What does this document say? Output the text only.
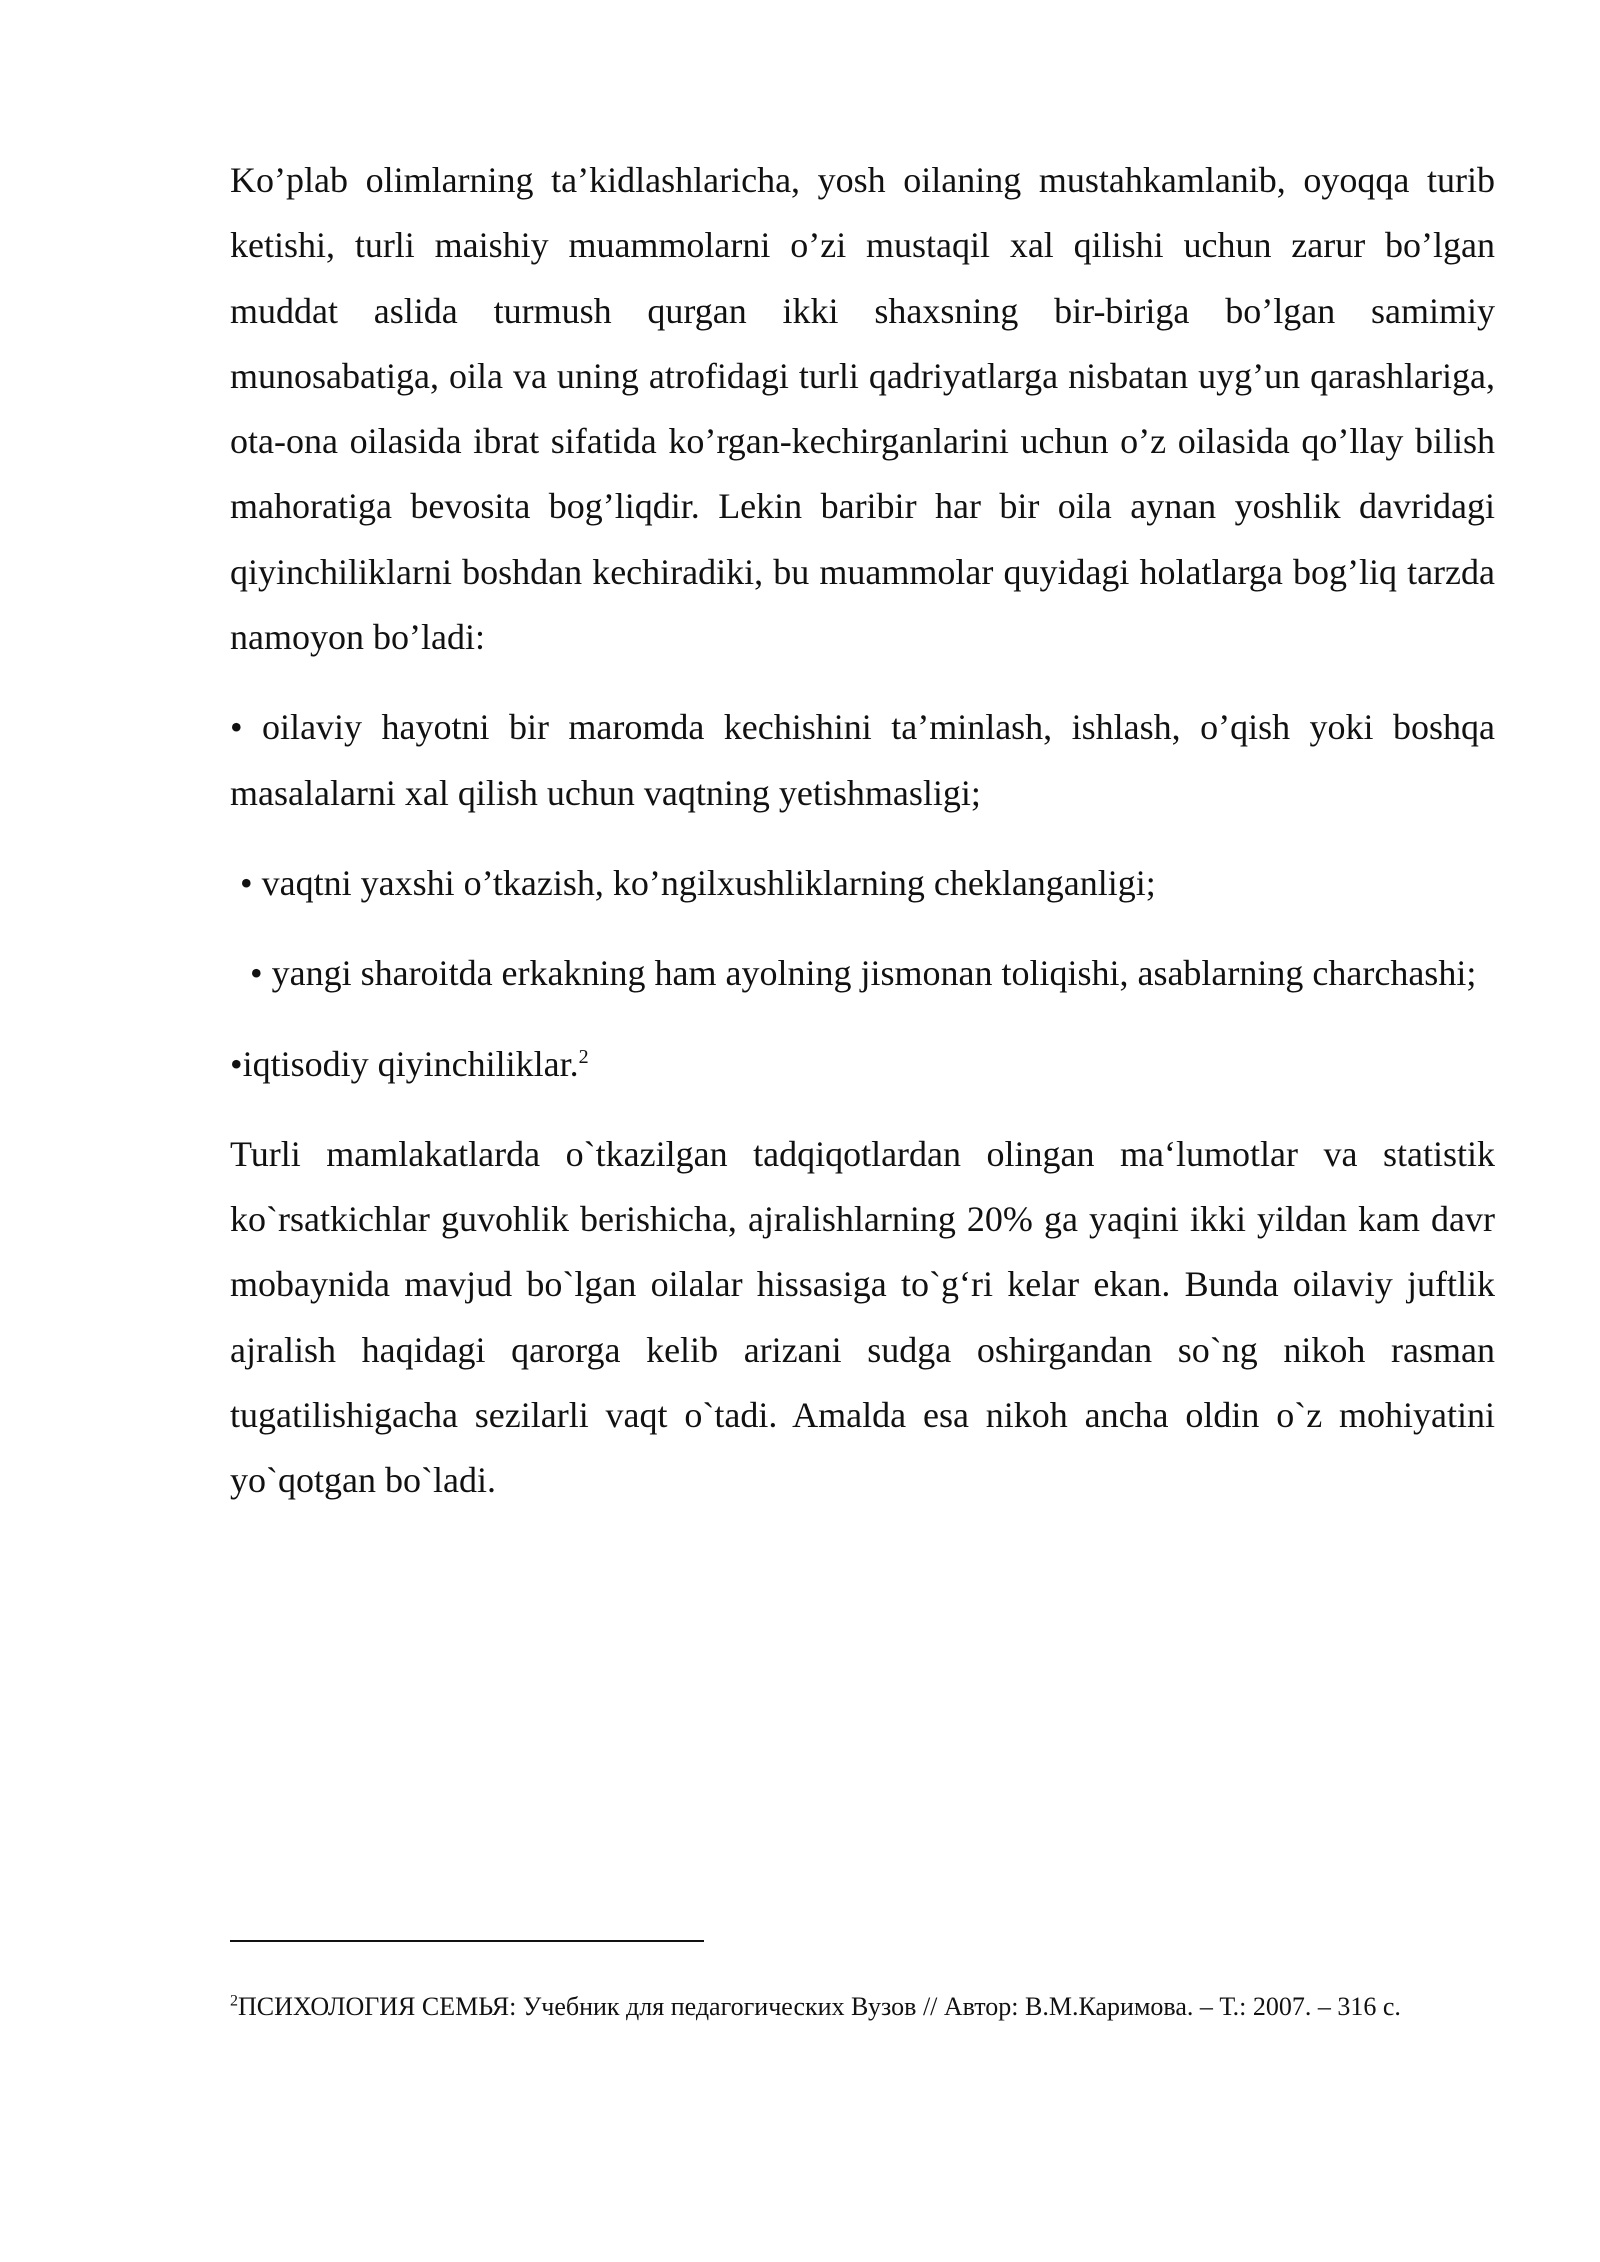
Ko’plab olimlarning ta’kidlashlaricha, yosh oilaning mustahkamlanib, oyoqqa turib ketishi, turli maishiy muammolarni o’zi mustaqil xal qilishi uchun zarur bo’lgan muddat aslida turmush qurgan ikki shaxsning bir-biriga bo’lgan samimiy munosabatiga, oila va uning atrofidagi turli qadriyatlarga nisbatan uyg’un qarashlariga, ota-ona oilasida ibrat sifatida ko’rgan-kechirganlarini uchun o’z oilasida qo’llay bilish mahoratiga bevosita bog’liqdir. Lekin baribir har bir oila aynan yoshlik davridagi qiyinchiliklarni boshdan kechiradiki, bu muammolar quyidagi holatlarga bog’liq tarzda namoyon bo’ladi:

• oilaviy hayotni bir maromda kechishini ta’minlash, ishlash, o’qish yoki boshqa masalalarni xal qilish uchun vaqtning yetishmasligi;

• vaqtni yaxshi o’tkazish, ko’ngilxushliklarning cheklanganligi;

• yangi sharoitda erkakning ham ayolning jismonan toliqishi, asablarning charchashi;

•iqtisodiy qiyinchiliklar.$^2$

Turli mamlakatlarda o`tkazilgan tadqiqotlardan olingan ma‘lumotlar va statistik ko`rsatkichlar guvohlik berishicha, ajralishlarning 20% ga yaqini ikki yildan kam davr mobaynida mavjud bo`lgan oilalar hissasiga to`g‘ri kelar ekan. Bunda oilaviy juftlik ajralish haqidagi qarorga kelib arizani sudga oshirgandan so`ng nikoh rasman tugatilishigacha sezilarli vaqt o`tadi. Amalda esa nikoh ancha oldin o`z mohiyatini yo`qotgan bo`ladi.

$^2$ПСИХОЛОГИЯ СЕМЬЯ: Учебник для педагогических Вузов // Автор: В.М.Каримова. – Т.: 2007. – 316 с.
